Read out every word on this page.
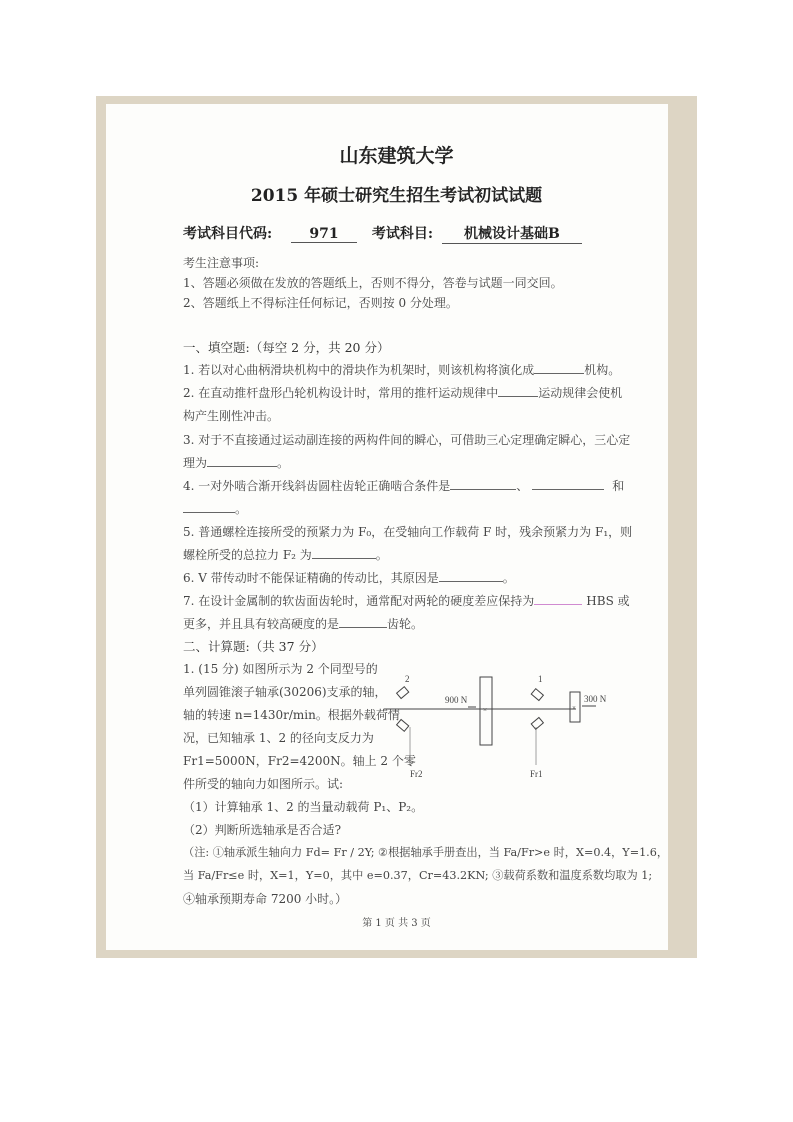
山东建筑大学
2015 年硕士研究生招生考试初试试题
考试科目代码:	971 考试科目: 机械设计基础B
考生注意事项:
1、答题必须做在发放的答题纸上，否则不得分，答卷与试题一同交回。
2、答题纸上不得标注任何标记，否则按 0 分处理。
一、填空题:（每空 2 分，共 20 分）
1. 若以对心曲柄滑块机构中的滑块作为机架时，则该机构将演化成	机构。
2. 在直动推杆盘形凸轮机构设计时，常用的推杆运动规律中	运动规律会使机
构产生刚性冲击。
3. 对于不直接通过运动副连接的两构件间的瞬心，可借助三心定理确定瞬心，三心定
理为	。
4. 一对外啮合渐开线斜齿圆柱齿轮正确啮合条件是	、	和
。
5. 普通螺栓连接所受的预紧力为 F₀，在受轴向工作载荷 F 时，残余预紧力为 F₁，则
螺栓所受的总拉力 F₂ 为	。
6. V 带传动时不能保证精确的传动比，其原因是	。
7. 在设计金属制的软齿面齿轮时，通常配对两轮的硬度差应保持为	HBS 或
更多，并且具有较高硬度的是	齿轮。
二、计算题:（共 37 分）
1. (15 分) 如图所示为 2 个同型号的
单列圆锥滚子轴承(30206)支承的轴，
轴的转速 n=1430r/min。根据外载荷情
况，已知轴承 1、2 的径向支反力为
Fr1=5000N，Fr2=4200N。轴上 2 个零
件所受的轴向力如图所示。试:
（1）计算轴承 1、2 的当量动载荷 P₁、P₂。
（2）判断所选轴承是否合适?
（注: ①轴承派生轴向力 Fd= Fr / 2Y; ②根据轴承手册查出，当 Fa/Fr>e 时，X=0.4，Y=1.6，
当 Fa/Fr≤e 时，X=1，Y=0，其中 e=0.37，Cr=43.2KN; ③载荷系数和温度系数均取为 1;
④轴承预期寿命 7200 小时。）
2	1
900 N	300 N
Fr2	Fr1
×	×
第 1 页 共 3 页
